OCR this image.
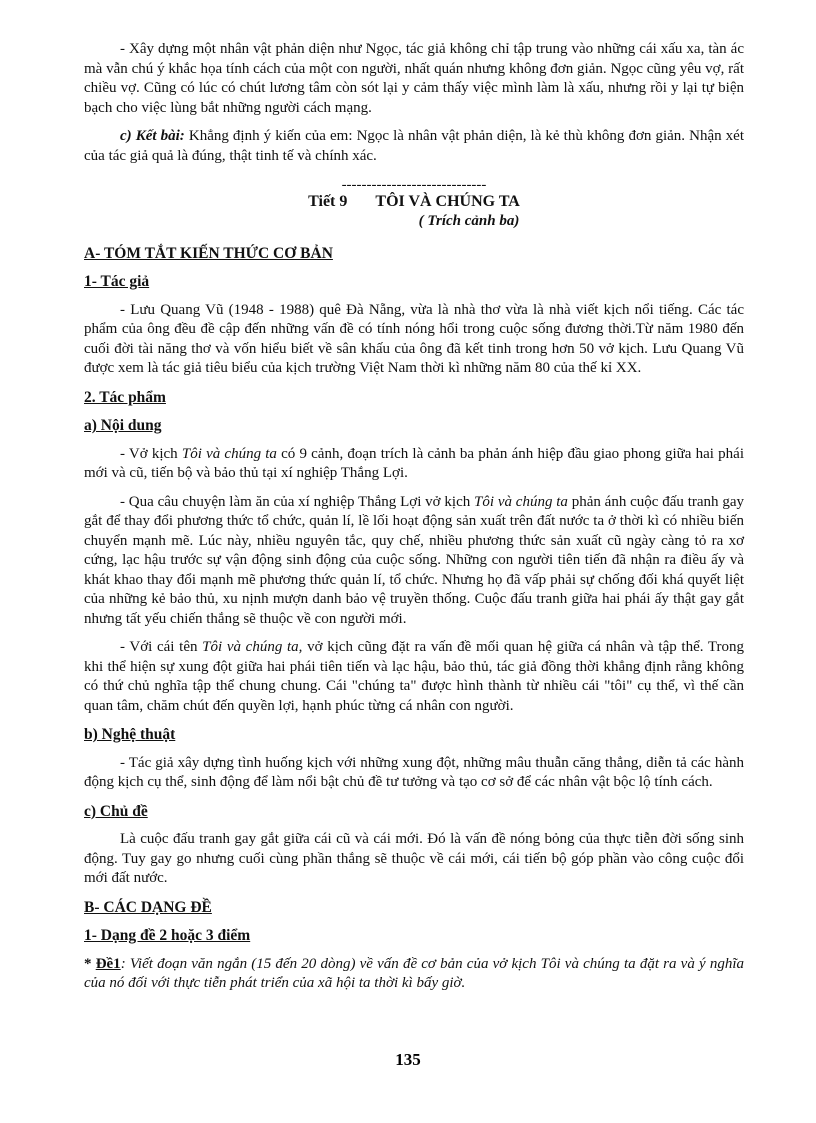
- Xây dựng một nhân vật phản diện như Ngọc, tác giả không chỉ tập trung vào những cái xấu xa, tàn ác mà vẫn chú ý khắc họa tính cách của một con người, nhất quán nhưng không đơn giản. Ngọc cũng yêu vợ, rất chiều vợ. Cũng có lúc có chút lương tâm còn sót lại y cảm thấy việc mình làm là xấu, nhưng rồi y lại tự biện bạch cho việc lùng bắt những người cách mạng.

c) Kết bài: Khẳng định ý kiến của em: Ngọc là nhân vật phản diện, là kẻ thù không đơn giản. Nhận xét của tác giả quả là đúng, thật tinh tế và chính xác.

-----------------------------
Tiết 9 TÔI VÀ CHÚNG TA
( Trích cảnh ba)

A- TÓM TẮT KIẾN THỨC CƠ BẢN

1- Tác giả

- Lưu Quang Vũ (1948 - 1988) quê Đà Nẵng, vừa là nhà thơ vừa là nhà viết kịch nổi tiếng. Các tác phẩm của ông đều đề cập đến những vấn đề có tính nóng hổi trong cuộc sống đương thời.Từ năm 1980 đến cuối đời tài năng thơ và vốn hiểu biết về sân khấu của ông đã kết tinh trong hơn 50 vở kịch. Lưu Quang Vũ được xem là tác giả tiêu biểu của kịch trường Việt Nam thời kì những năm 80 của thế kỉ XX.

2. Tác phẩm

a) Nội dung

- Vở kịch Tôi và chúng ta có 9 cảnh, đoạn trích là cảnh ba phản ánh hiệp đầu giao phong giữa hai phái mới và cũ, tiến bộ và bảo thủ tại xí nghiệp Thắng Lợi.

- Qua câu chuyện làm ăn của xí nghiệp Thắng Lợi vở kịch Tôi và chúng ta phản ánh cuộc đấu tranh gay gắt để thay đổi phương thức tổ chức, quản lí, lề lối hoạt động sản xuất trên đất nước ta ở thời kì có nhiều biến chuyển mạnh mẽ. Lúc này, nhiều nguyên tắc, quy chế, nhiều phương thức sản xuất cũ ngày càng tỏ ra xơ cứng, lạc hậu trước sự vận động sinh động của cuộc sống. Những con người tiên tiến đã nhận ra điều ấy và khát khao thay đổi mạnh mẽ phương thức quản lí, tổ chức. Nhưng họ đã vấp phải sự chống đối khá quyết liệt của những kẻ bảo thủ, xu nịnh mượn danh bảo vệ truyền thống. Cuộc đấu tranh giữa hai phái ấy thật gay gắt nhưng tất yếu chiến thắng sẽ thuộc về con người mới.

- Với cái tên Tôi và chúng ta, vở kịch cũng đặt ra vấn đề mối quan hệ giữa cá nhân và tập thể. Trong khi thể hiện sự xung đột giữa hai phái tiên tiến và lạc hậu, bảo thủ, tác giả đồng thời khẳng định rằng không có thứ chủ nghĩa tập thể chung chung. Cái "chúng ta" được hình thành từ nhiều cái "tôi" cụ thể, vì thế cần quan tâm, chăm chút đến quyền lợi, hạnh phúc từng cá nhân con người.

b) Nghệ thuật

- Tác giả xây dựng tình huống kịch với những xung đột, những mâu thuẫn căng thẳng, diễn tả các hành động kịch cụ thể, sinh động để làm nổi bật chủ đề tư tưởng và tạo cơ sở để các nhân vật bộc lộ tính cách.

c) Chủ đề

Là cuộc đấu tranh gay gắt giữa cái cũ và cái mới. Đó là vấn đề nóng bỏng của thực tiễn đời sống sinh động. Tuy gay go nhưng cuối cùng phần thắng sẽ thuộc về cái mới, cái tiến bộ góp phần vào công cuộc đổi mới đất nước.

B- CÁC DẠNG ĐỀ

1- Dạng đề 2 hoặc 3 điểm

* Đề1: Viết đoạn văn ngắn (15 đến 20 dòng) về vấn đề cơ bản của vở kịch Tôi và chúng ta đặt ra và ý nghĩa của nó đối với thực tiễn phát triển của xã hội ta thời kì bấy giờ.

135
